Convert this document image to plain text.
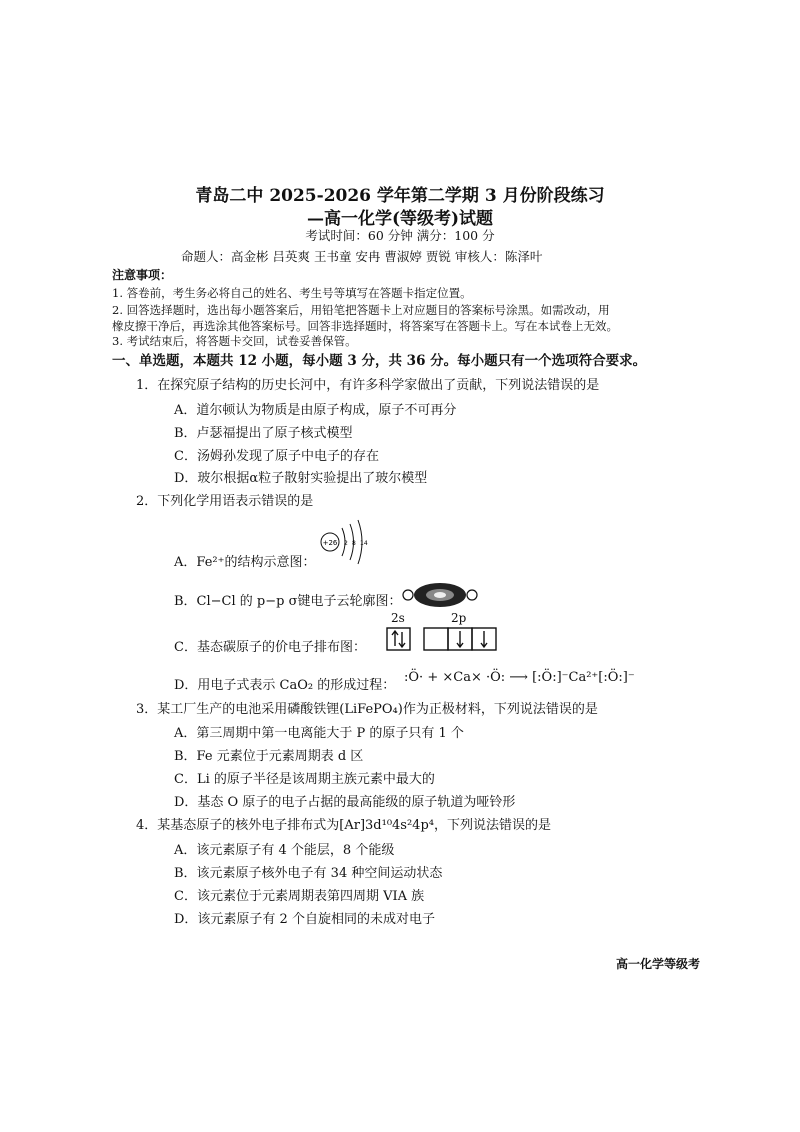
青岛二中 2025-2026 学年第二学期 3 月份阶段练习
—高一化学(等级考)试题
考试时间：60 分钟 满分：100 分
命题人：高金彬 吕英爽 王书童 安冉 曹淑婷 贾锐 审核人：陈泽叶
注意事项：
1. 答卷前，考生务必将自己的姓名、考生号等填写在答题卡指定位置。
2. 回答选择题时，选出每小题答案后，用铅笔把答题卡上对应题目的答案标号涂黑。如需改动，用
橡皮擦干净后，再选涂其他答案标号。回答非选择题时，将答案写在答题卡上。写在本试卷上无效。
3. 考试结束后，将答题卡交回，试卷妥善保管。
一、单选题，本题共 12 小题，每小题 3 分，共 36 分。每小题只有一个选项符合要求。
1．在探究原子结构的历史长河中，有许多科学家做出了贡献，下列说法错误的是
A．道尔顿认为物质是由原子构成，原子不可再分
B．卢瑟福提出了原子核式模型
C．汤姆孙发现了原子中电子的存在
D．玻尔根据α粒子散射实验提出了玻尔模型
2．下列化学用语表示错误的是
A．Fe²⁺的结构示意图：
+26 2 8 14
B．Cl−Cl 的 p−p σ键电子云轮廓图：
C．基态碳原子的价电子排布图：
2s	2p
D．用电子式表示 CaO₂ 的形成过程：
:Ö· + ×Ca× ·Ö: ⟶ [:Ö:]⁻Ca²⁺[:Ö:]⁻
3．某工厂生产的电池采用磷酸铁锂(LiFePO₄)作为正极材料，下列说法错误的是
A．第三周期中第一电离能大于 P 的原子只有 1 个
B．Fe 元素位于元素周期表 d 区
C．Li 的原子半径是该周期主族元素中最大的
D．基态 O 原子的电子占据的最高能级的原子轨道为哑铃形
4．某基态原子的核外电子排布式为[Ar]3d¹⁰4s²4p⁴，下列说法错误的是
A．该元素原子有 4 个能层，8 个能级
B．该元素原子核外电子有 34 种空间运动状态
C．该元素位于元素周期表第四周期 VIA 族
D．该元素原子有 2 个自旋相同的未成对电子
高一化学等级考
